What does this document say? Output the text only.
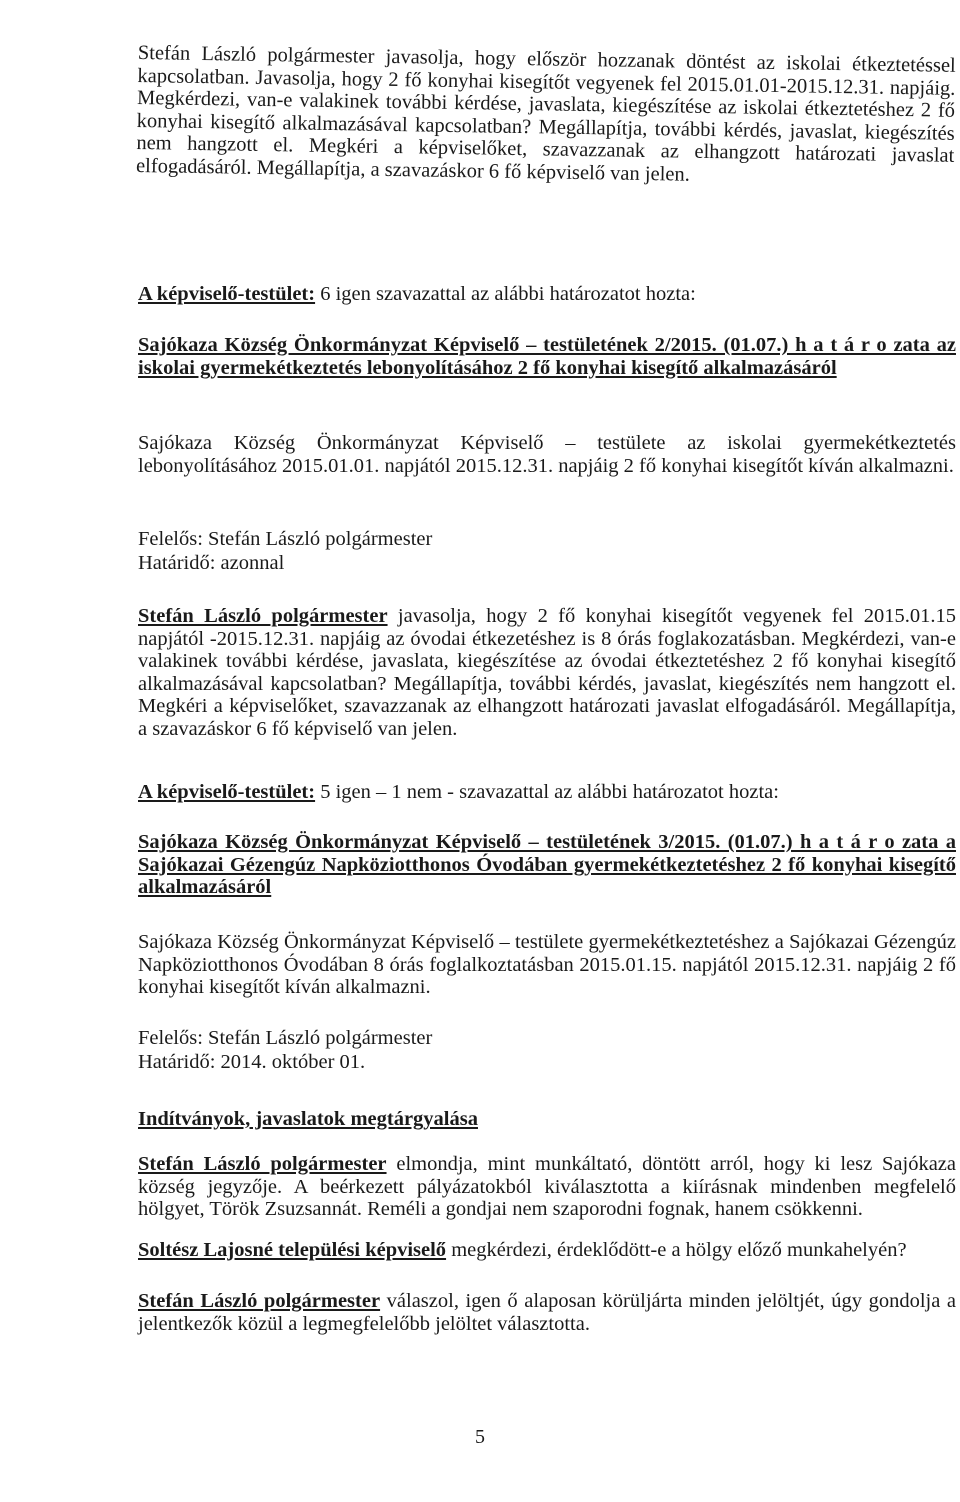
Stefán László polgármester javasolja, hogy először hozzanak döntést az iskolai étkeztetéssel kapcsolatban. Javasolja, hogy 2 fő konyhai kisegítőt vegyenek fel 2015.01.01-2015.12.31. napjáig. Megkérdezi, van-e valakinek további kérdése, javaslata, kiegészítése az iskolai étkeztetéshez 2 fő konyhai kisegítő alkalmazásával kapcsolatban? Megállapítja, további kérdés, javaslat, kiegészítés nem hangzott el. Megkéri a képviselőket, szavazzanak az elhangzott határozati javaslat elfogadásáról. Megállapítja, a szavazáskor 6 fő képviselő van jelen.

A képviselő-testület: 6 igen szavazattal az alábbi határozatot hozta:

Sajókaza Község Önkormányzat Képviselő – testületének 2/2015. (01.07.) h a t á r o zata az iskolai gyermekétkeztetés lebonyolításához 2 fő konyhai kisegítő alkalmazásáról

Sajókaza Község Önkormányzat Képviselő – testülete az iskolai gyermekétkeztetés lebonyolításához 2015.01.01. napjától 2015.12.31. napjáig 2 fő konyhai kisegítőt kíván alkalmazni.

Felelős: Stefán László polgármester

Határidő: azonnal

Stefán László polgármester javasolja, hogy 2 fő konyhai kisegítőt vegyenek fel 2015.01.15 napjától -2015.12.31. napjáig az óvodai étkezetéshez is 8 órás foglakozatásban. Megkérdezi, van-e valakinek további kérdése, javaslata, kiegészítése az óvodai étkeztetéshez 2 fő konyhai kisegítő alkalmazásával kapcsolatban? Megállapítja, további kérdés, javaslat, kiegészítés nem hangzott el. Megkéri a képviselőket, szavazzanak az elhangzott határozati javaslat elfogadásáról. Megállapítja, a szavazáskor 6 fő képviselő van jelen.

A képviselő-testület: 5 igen – 1 nem - szavazattal az alábbi határozatot hozta:

Sajókaza Község Önkormányzat Képviselő – testületének 3/2015. (01.07.) h a t á r o zata a Sajókazai Gézengúz Napköziotthonos Óvodában gyermekétkeztetéshez 2 fő konyhai kisegítő alkalmazásáról

Sajókaza Község Önkormányzat Képviselő – testülete gyermekétkeztetéshez a Sajókazai Gézengúz Napköziotthonos Óvodában 8 órás foglalkoztatásban 2015.01.15. napjától 2015.12.31. napjáig 2 fő konyhai kisegítőt kíván alkalmazni.

Felelős: Stefán László polgármester

Határidő: 2014. október 01.

Indítványok, javaslatok megtárgyalása

Stefán László polgármester elmondja, mint munkáltató, döntött arról, hogy ki lesz Sajókaza község jegyzője. A beérkezett pályázatokból kiválasztotta a kiírásnak mindenben megfelelő hölgyet, Török Zsuzsannát. Reméli a gondjai nem szaporodni fognak, hanem csökkenni.

Soltész Lajosné települési képviselő megkérdezi, érdeklődött-e a hölgy előző munkahelyén?

Stefán László polgármester válaszol, igen ő alaposan körüljárta minden jelöltjét, úgy gondolja a jelentkezők közül a legmegfelelőbb jelöltet választotta.

5
